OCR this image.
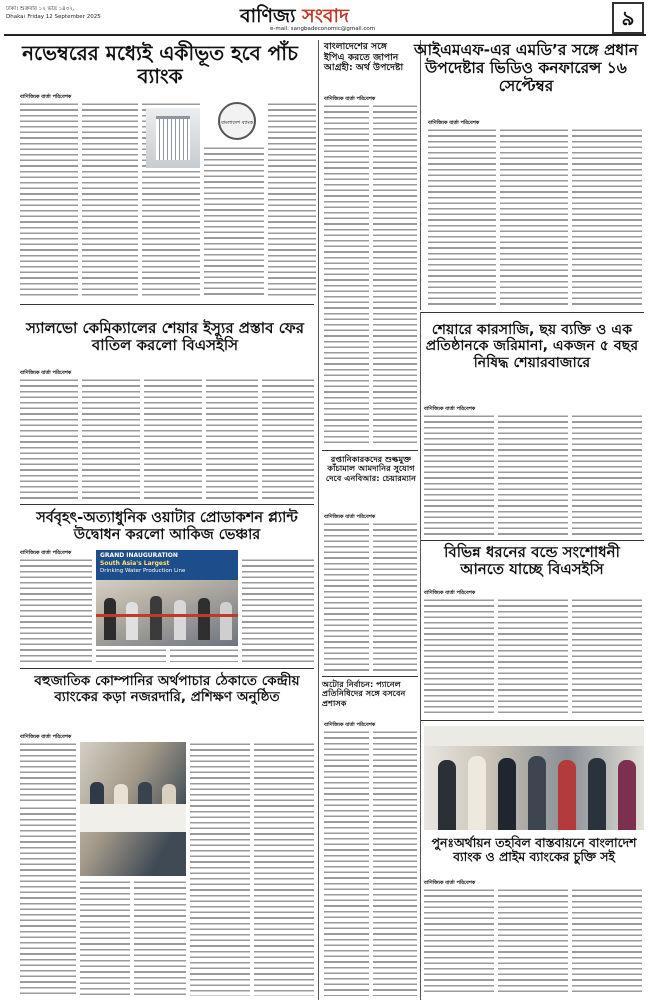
ঢাকা। শুক্রবার ১২ ভাদ্র ১৪৩২,
Dhaka। Friday 12 September 2025	বাণিজ্য সংবাদ
e-mail: sangbadeconomic@gmail.com	৯
নভেম্বরের মধ্যেই একীভূত হবে পাঁচ ব্যাংক
বাণিজ্যিক বার্তা পরিবেশক
বাংলাদেশ ব্যাংক
বাংলাদেশের সঙ্গে ইপিএ করতে জাপান আগ্রহী: অর্থ উপদেষ্টা
বাণিজ্যিক বার্তা পরিবেশক
আইএমএফ-এর এমডি’র সঙ্গে প্রধান উপদেষ্টার ভিডিও কনফারেন্স ১৬ সেপ্টেম্বর
বাণিজ্যিক বার্তা পরিবেশক
স্যালভো কেমিক্যালের শেয়ার ইস্যুর প্রস্তাব ফের বাতিল করলো বিএসইসি
বাণিজ্যিক বার্তা পরিবেশক
রপ্তানিকারকদের শুল্কমুক্ত কাঁচামাল আমদানির সুযোগ দেবে এনবিআর: চেয়ারম্যান
বাণিজ্যিক বার্তা পরিবেশক
শেয়ারে কারসাজি, ছয় ব্যক্তি ও এক প্রতিষ্ঠানকে জরিমানা, একজন ৫ বছর নিষিদ্ধ শেয়ারবাজারে
বাণিজ্যিক বার্তা পরিবেশক
সর্ববৃহৎ-অত্যাধুনিক ওয়াটার প্রোডাকশন প্ল্যান্ট উদ্বোধন করলো আকিজ ভেঞ্চার
বাণিজ্যিক বার্তা পরিবেশক	GRAND INAUGURATION
South Asia's Largest
Drinking Water Production Line
বিভিন্ন ধরনের বন্ডে সংশোধনী আনতে যাচ্ছে বিএসইসি
বাণিজ্যিক বার্তা পরিবেশক
বহুজাতিক কোম্পানির অর্থপাচার ঠেকাতে কেন্দ্রীয় ব্যাংকের কড়া নজরদারি, প্রশিক্ষণ অনুষ্ঠিত
বাণিজ্যিক বার্তা পরিবেশক
অটোর নির্বাচন: প্যানেল প্রতিনিধিদের সঙ্গে বসবেন প্রশাসক
বাণিজ্যিক বার্তা পরিবেশক
পুনঃঅর্থায়ন তহবিল বাস্তবায়নে বাংলাদেশ ব্যাংক ও প্রাইম ব্যাংকের চুক্তি সই
বাণিজ্যিক বার্তা পরিবেশক
